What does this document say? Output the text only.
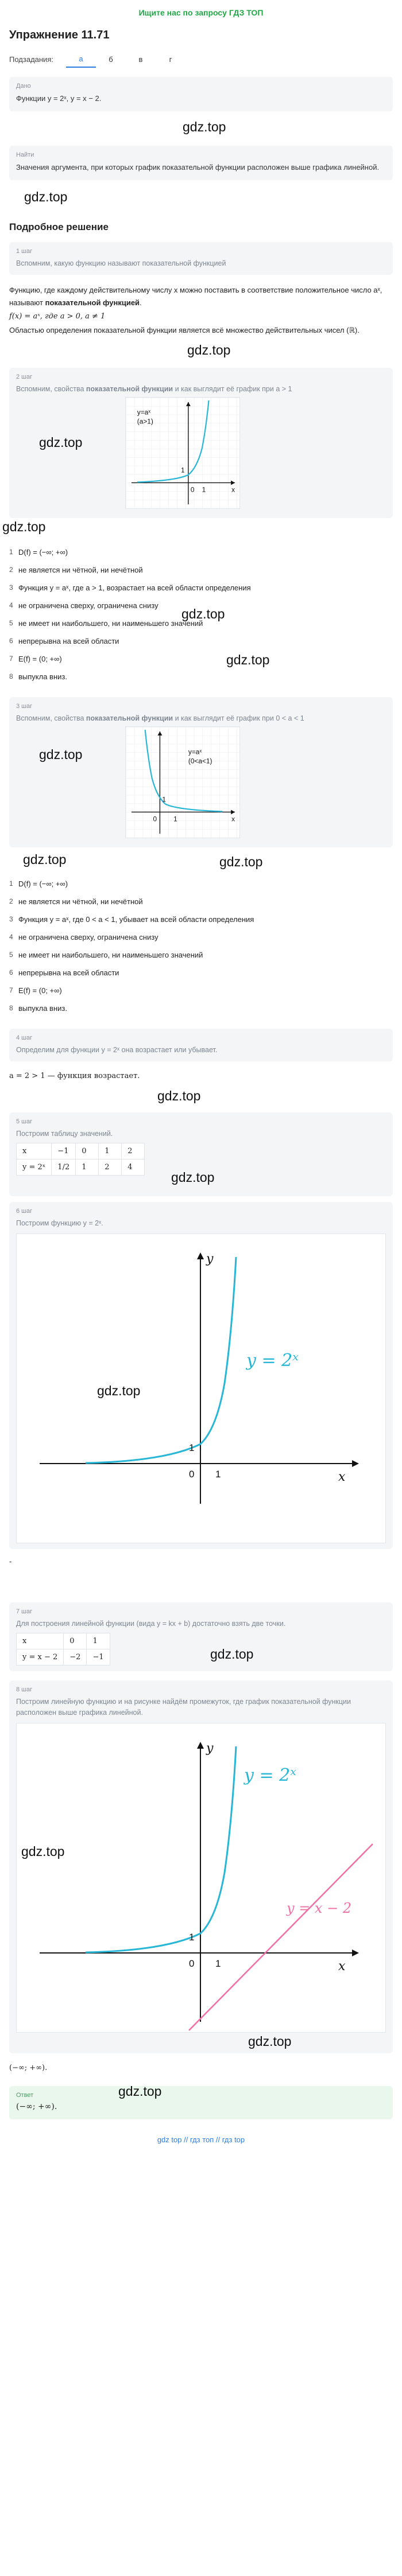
Ищите нас по запросу ГДЗ ТОП
Упражнение 11.71
Подзадания:	а	б	в	г
Дано

Функции y = 2ˣ, y = x − 2.

gdz.top
Найти

Значения аргумента, при которых график показательной функции расположен выше графика линейной.

gdz.top
Подробное решение
1 шаг
Вспомним, какую функцию называют показательной функцией
Функцию, где каждому действительному числу x можно поставить в соответствие положительное число aˣ, называют показательной функцией.
f(x) = aˣ, где a > 0, a ≠ 1
Областью определения показательной функции является всё множество действительных чисел (ℝ).
gdz.top
2 шаг
Вспомним, свойства показательной функции и как выглядит её график при a > 1
gdz.top
y=aˣ
(a>1)
1
0 1	x
gdz.top
gdz.top
gdz.top
1 D(f) = (−∞; +∞)
2 не является ни чётной, ни нечётной
3 Функция y = aˣ, где a > 1, возрастает на всей области определения
4 не ограничена сверху, ограничена снизу
5 не имеет ни наибольшего, ни наименьшего значений
6 непрерывна на всей области
7 E(f) = (0; +∞)
8 выпукла вниз.
3 шаг
Вспомним, свойства показательной функции и как выглядит её график при 0 < a < 1
gdz.top	y=aˣ
(0<a<1)
1
0 1	x
gdz.top	gdz.top
1 D(f) = (−∞; +∞)
2 не является ни чётной, ни нечётной
3 Функция y = aˣ, где 0 < a < 1, убывает на всей области определения
4 не ограничена сверху, ограничена снизу
5 не имеет ни наибольшего, ни наименьшего значений
6 непрерывна на всей области
7 E(f) = (0; +∞)
8 выпукла вниз.
4 шаг
Определим для функции y = 2ˣ она возрастает или убывает.
a = 2 > 1 — функция возрастает.
gdz.top
5 шаг
Построим таблицу значений.
x	−1	0	1	2
y = 2ˣ	1/2	1	2	4
gdz.top
6 шаг
Построим функцию y = 2ˣ.
gdz.top
y = 2ˣ
1
0 1	x
y
-
7 шаг
Для построения линейной функции (вида y = kx + b) достаточно взять две точки.
x	0	1
y = x − 2	−2	−1	gdz.top
8 шаг
Построим линейную функцию и на рисунке найдём промежуток, где график показательной функции расположен выше графика линейной.
gdz.top
y = 2ˣ
y = x − 2
1
0 1	x
y
gdz.top
(−∞; +∞).
Ответ
(−∞; +∞).
gdz.top
gdz top // гдз топ // гдз top
